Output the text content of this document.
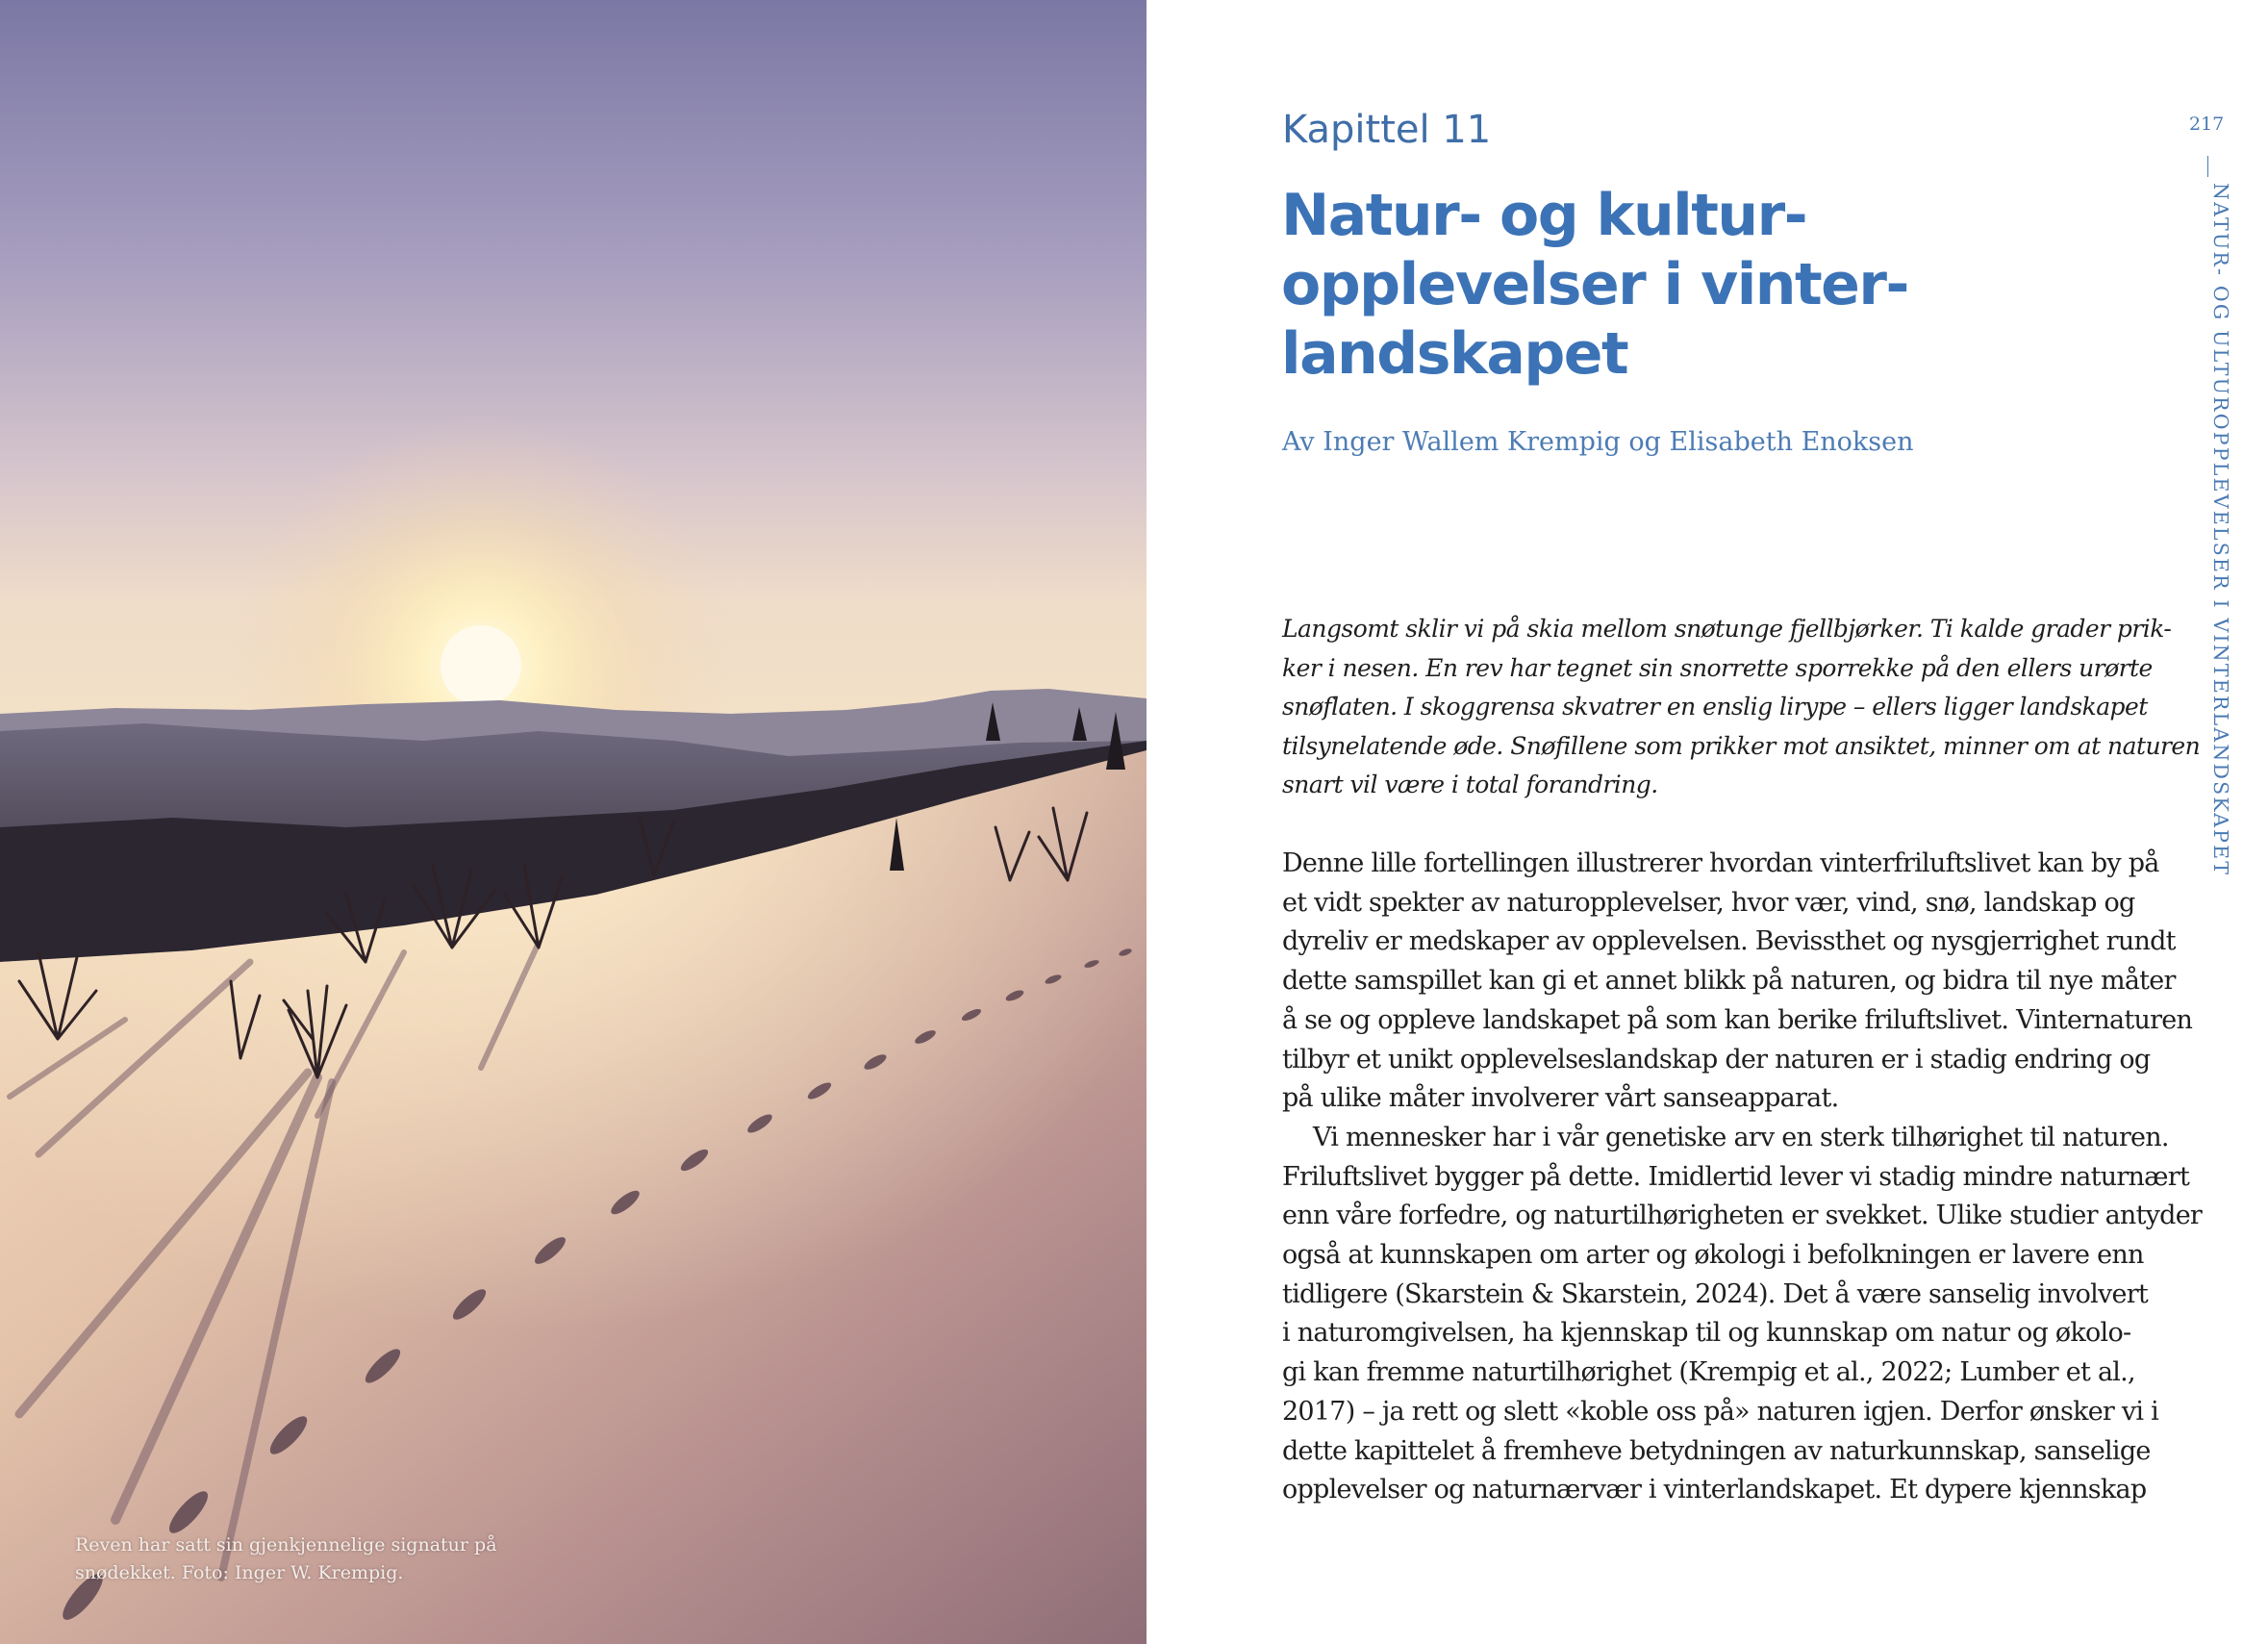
Reven har satt sin gjenkjennelige signatur på
snødekket. Foto: Inger W. Krempig.
Kapittel 11
Natur- og kultur-
opplevelser i vinter-
landskapet
Av Inger Wallem Krempig og Elisabeth Enoksen
Langsomt sklir vi på skia mellom snøtunge fjellbjørker. Ti kalde grader prik-
ker i nesen. En rev har tegnet sin snorrette sporrekke på den ellers urørte
snøflaten. I skoggrensa skvatrer en enslig lirype – ellers ligger landskapet
tilsynelatende øde. Snøfillene som prikker mot ansiktet, minner om at naturen
snart vil være i total forandring.
Denne lille fortellingen illustrerer hvordan vinterfriluftslivet kan by på
et vidt spekter av naturopplevelser, hvor vær, vind, snø, landskap og
dyreliv er medskaper av opplevelsen. Bevissthet og nysgjerrighet rundt
dette samspillet kan gi et annet blikk på naturen, og bidra til nye måter
å se og oppleve landskapet på som kan berike friluftslivet. Vinternaturen
tilbyr et unikt opplevelseslandskap der naturen er i stadig endring og
på ulike måter involverer vårt sanseapparat.
Vi mennesker har i vår genetiske arv en sterk tilhørighet til naturen.
Friluftslivet bygger på dette. Imidlertid lever vi stadig mindre naturnært
enn våre forfedre, og naturtilhørigheten er svekket. Ulike studier antyder
også at kunnskapen om arter og økologi i befolkningen er lavere enn
tidligere (Skarstein & Skarstein, 2024). Det å være sanselig involvert
i naturomgivelsen, ha kjennskap til og kunnskap om natur og økolo-
gi kan fremme naturtilhørighet (Krempig et al., 2022; Lumber et al.,
2017) – ja rett og slett «koble oss på» naturen igjen. Derfor ønsker vi i
dette kapittelet å fremheve betydningen av naturkunnskap, sanselige
opplevelser og naturnærvær i vinterlandskapet. Et dypere kjennskap
217
NATUR- OG ULTUROPPLEVELSER I VINTERLANDSKAPET
